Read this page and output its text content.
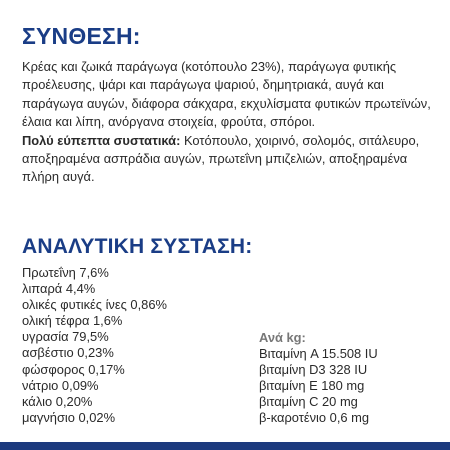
ΣΥΝΘΕΣΗ:
Κρέας και ζωικά παράγωγα (κοτόπουλο 23%), παράγωγα φυτικής προέλευσης, ψάρι και παράγωγα ψαριού, δημητριακά, αυγά και παράγωγα αυγών, διάφορα σάκχαρα, εκχυλίσματα φυτικών πρωτεϊνών, έλαια και λίπη, ανόργανα στοιχεία, φρούτα, σπόροι.
Πολύ εύπεπτα συστατικά: Κοτόπουλο, χοιρινό, σολομός, σιτάλευρο, αποξηραμένα ασπράδια αυγών, πρωτεΐνη μπιζελιών, αποξηραμένα πλήρη αυγά.
ΑΝΑΛΥΤΙΚΗ ΣΥΣΤΑΣΗ:
Πρωτεΐνη 7,6%
λιπαρά 4,4%
ολικές φυτικές ίνες 0,86%
ολική τέφρα 1,6%
υγρασία 79,5%
ασβέστιο 0,23%
φώσφορος 0,17%
νάτριο 0,09%
κάλιο 0,20%
μαγνήσιο 0,02%
Ανά kg:
Βιταμίνη A 15.508 IU
βιταμίνη D3 328 IU
βιταμίνη E 180 mg
βιταμίνη C 20 mg
β-καροτένιο 0,6 mg
